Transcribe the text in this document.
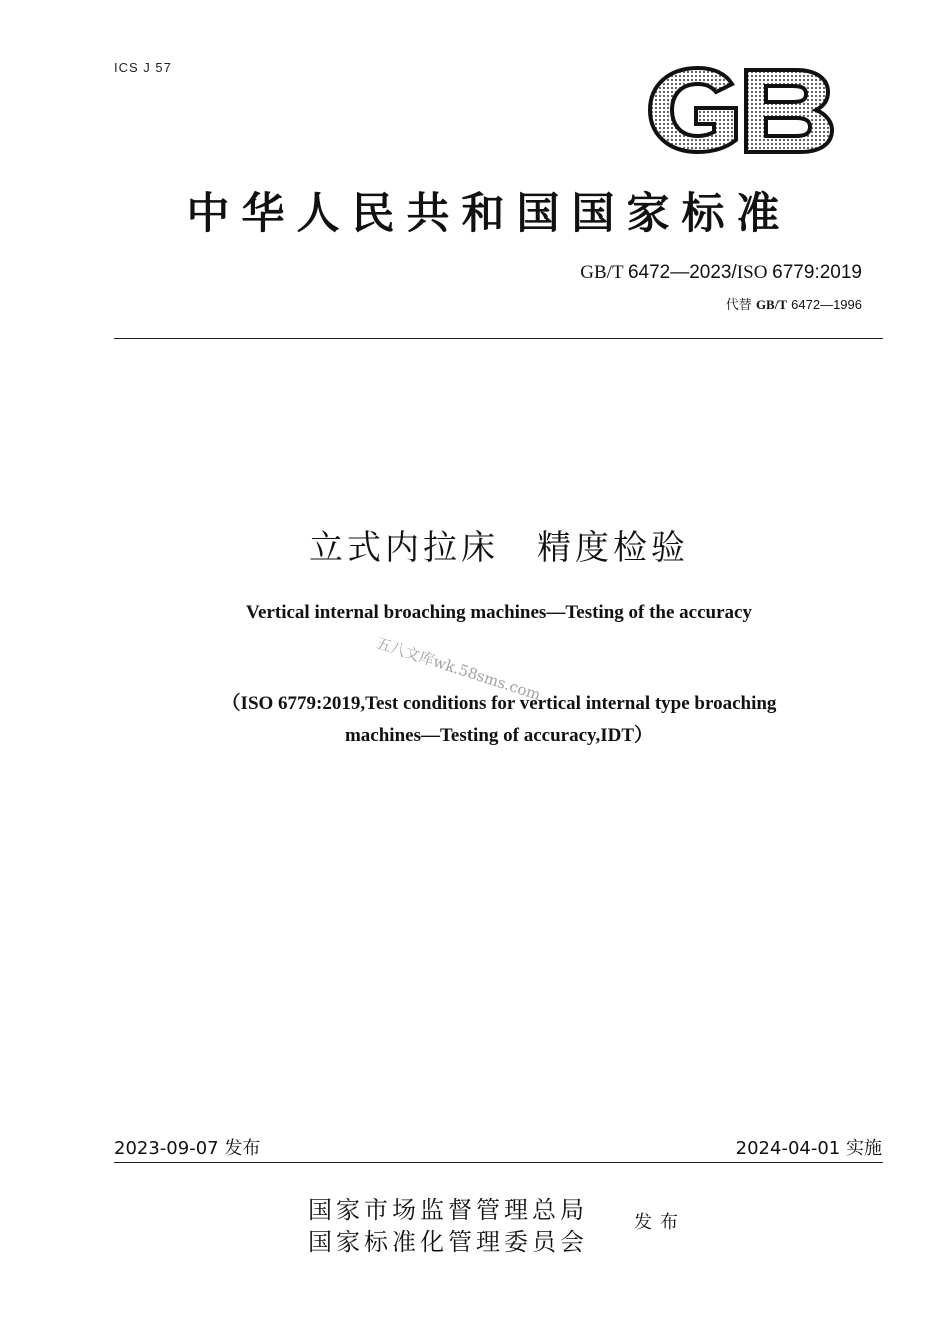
ICS J 57
中华人民共和国国家标准
GB/T 6472—2023/ISO 6779:2019
代替 GB/T 6472—1996
立式内拉床　精度检验
Vertical internal broaching machines—Testing of the accuracy
五八文库wk.58sms.com
（ISO 6779:2019,Test conditions for vertical internal type broaching
machines—Testing of accuracy,IDT）
2023-09-07 发布	2024-04-01 实施
国家市场监督管理总局
国家标准化管理委员会
发布
